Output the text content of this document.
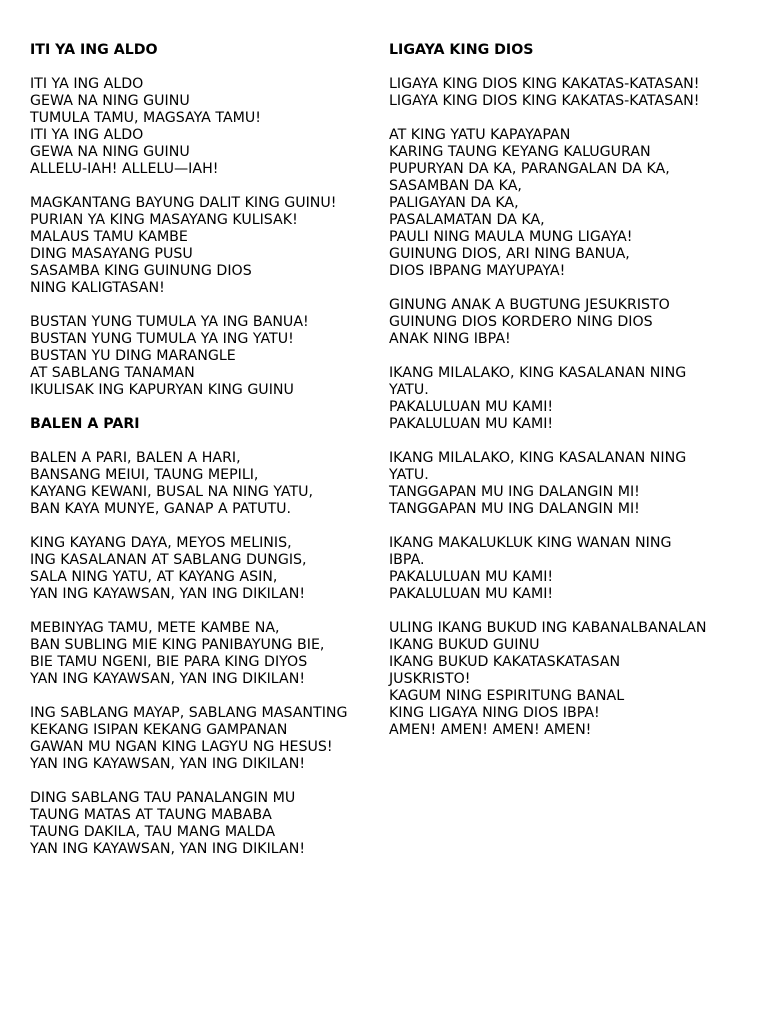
ITI YA ING ALDO
ITI YA ING ALDO
GEWA NA NING GUINU
TUMULA TAMU, MAGSAYA TAMU!
ITI YA ING ALDO
GEWA NA NING GUINU
ALLELU-IAH! ALLELU—IAH!
MAGKANTANG BAYUNG DALIT KING GUINU!
PURIAN YA KING MASAYANG KULISAK!
MALAUS TAMU KAMBE
DING MASAYANG PUSU
SASAMBA KING GUINUNG DIOS
NING KALIGTASAN!
BUSTAN YUNG TUMULA YA ING BANUA!
BUSTAN YUNG TUMULA YA ING YATU!
BUSTAN YU DING MARANGLE
AT SABLANG TANAMAN
IKULISAK ING KAPURYAN KING GUINU
BALEN A PARI
BALEN A PARI, BALEN A HARI,
BANSANG MEIUI, TAUNG MEPILI,
KAYANG KEWANI, BUSAL NA NING YATU,
BAN KAYA MUNYE, GANAP A PATUTU.
KING KAYANG DAYA, MEYOS MELINIS,
ING KASALANAN AT SABLANG DUNGIS,
SALA NING YATU, AT KAYANG ASIN,
YAN ING KAYAWSAN, YAN ING DIKILAN!
MEBINYAG TAMU, METE KAMBE NA,
BAN SUBLING MIE KING PANIBAYUNG BIE,
BIE TAMU NGENI, BIE PARA KING DIYOS
YAN ING KAYAWSAN, YAN ING DIKILAN!
ING SABLANG MAYAP, SABLANG MASANTING
KEKANG ISIPAN KEKANG GAMPANAN
GAWAN MU NGAN KING LAGYU NG HESUS!
YAN ING KAYAWSAN, YAN ING DIKILAN!
DING SABLANG TAU PANALANGIN MU
TAUNG MATAS AT TAUNG MABABA
TAUNG DAKILA, TAU MANG MALDA
YAN ING KAYAWSAN, YAN ING DIKILAN!
LIGAYA KING DIOS
LIGAYA KING DIOS KING KAKATAS-KATASAN!
LIGAYA KING DIOS KING KAKATAS-KATASAN!
AT KING YATU KAPAYAPAN
KARING TAUNG KEYANG KALUGURAN
PUPURYAN DA KA, PARANGALAN DA KA,
SASAMBAN DA KA,
PALIGAYAN DA KA,
PASALAMATAN DA KA,
PAULI NING MAULA MUNG LIGAYA!
GUINUNG DIOS, ARI NING BANUA,
DIOS IBPANG MAYUPAYA!
GINUNG ANAK A BUGTUNG JESUKRISTO
GUINUNG DIOS KORDERO NING DIOS
ANAK NING IBPA!
IKANG MILALAKO, KING KASALANAN NING
YATU.
PAKALULUAN MU KAMI!
PAKALULUAN MU KAMI!
IKANG MILALAKO, KING KASALANAN NING
YATU.
TANGGAPAN MU ING DALANGIN MI!
TANGGAPAN MU ING DALANGIN MI!
IKANG MAKALUKLUK KING WANAN NING
IBPA.
PAKALULUAN MU KAMI!
PAKALULUAN MU KAMI!
ULING IKANG BUKUD ING KABANALBANALAN
IKANG BUKUD GUINU
IKANG BUKUD KAKATASKATASAN
JUSKRISTO!
KAGUM NING ESPIRITUNG BANAL
KING LIGAYA NING DIOS IBPA!
AMEN! AMEN! AMEN! AMEN!
